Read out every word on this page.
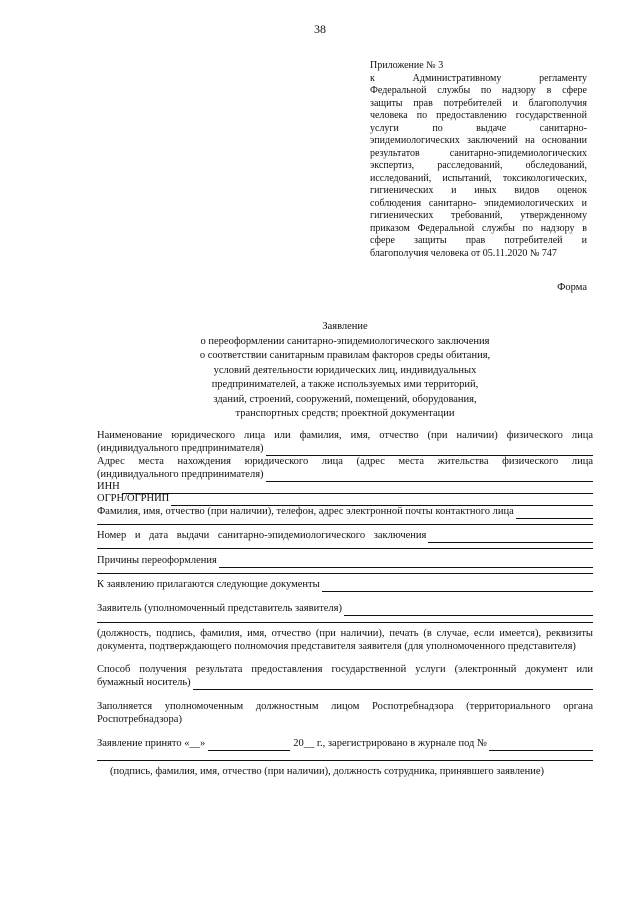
38
Приложение № 3
к Административному регламенту
Федеральной службы по надзору в сфере
защиты прав потребителей и благополучия
человека по предоставлению государственной
услуги по выдаче санитарно-
эпидемиологических заключений на основании
результатов санитарно-эпидемиологических
экспертиз, расследований, обследований,
исследований, испытаний, токсикологических,
гигиенических и иных видов оценок
соблюдения санитарно- эпидемиологических и
гигиенических требований, утвержденному
приказом Федеральной службы по надзору в
сфере защиты прав потребителей и
благополучия человека от 05.11.2020 № 747
Форма
Заявление
о переоформлении санитарно-эпидемиологического заключения
о соответствии санитарным правилам факторов среды обитания,
условий деятельности юридических лиц, индивидуальных
предпринимателей, а также используемых ими территорий,
зданий, строений, сооружений, помещений, оборудования,
транспортных средств; проектной документации
Наименование юридического лица или фамилия, имя, отчество (при наличии) физического лица
(индивидуального предпринимателя)
Адрес места нахождения юридического лица (адрес места жительства физического лица
(индивидуального предпринимателя)
ИНН
ОГРН/ОГРНИП
Фамилия, имя, отчество (при наличии), телефон, адрес электронной почты контактного лица
Номер и дата выдачи санитарно-эпидемиологического заключения
Причины переоформления
К заявлению прилагаются следующие документы
Заявитель (уполномоченный представитель заявителя)
(должность, подпись, фамилия, имя, отчество (при наличии), печать (в случае, если имеется), реквизиты
документа, подтверждающего полномочия представителя заявителя (для уполномоченного представителя)
Способ получения результата предоставления государственной услуги (электронный документ или
бумажный носитель)
Заполняется уполномоченным должностным лицом Роспотребнадзора (территориального органа
Роспотребнадзора)
Заявление принято «__»	20__ г., зарегистрировано в журнале под №
(подпись, фамилия, имя, отчество (при наличии), должность сотрудника, принявшего заявление)
